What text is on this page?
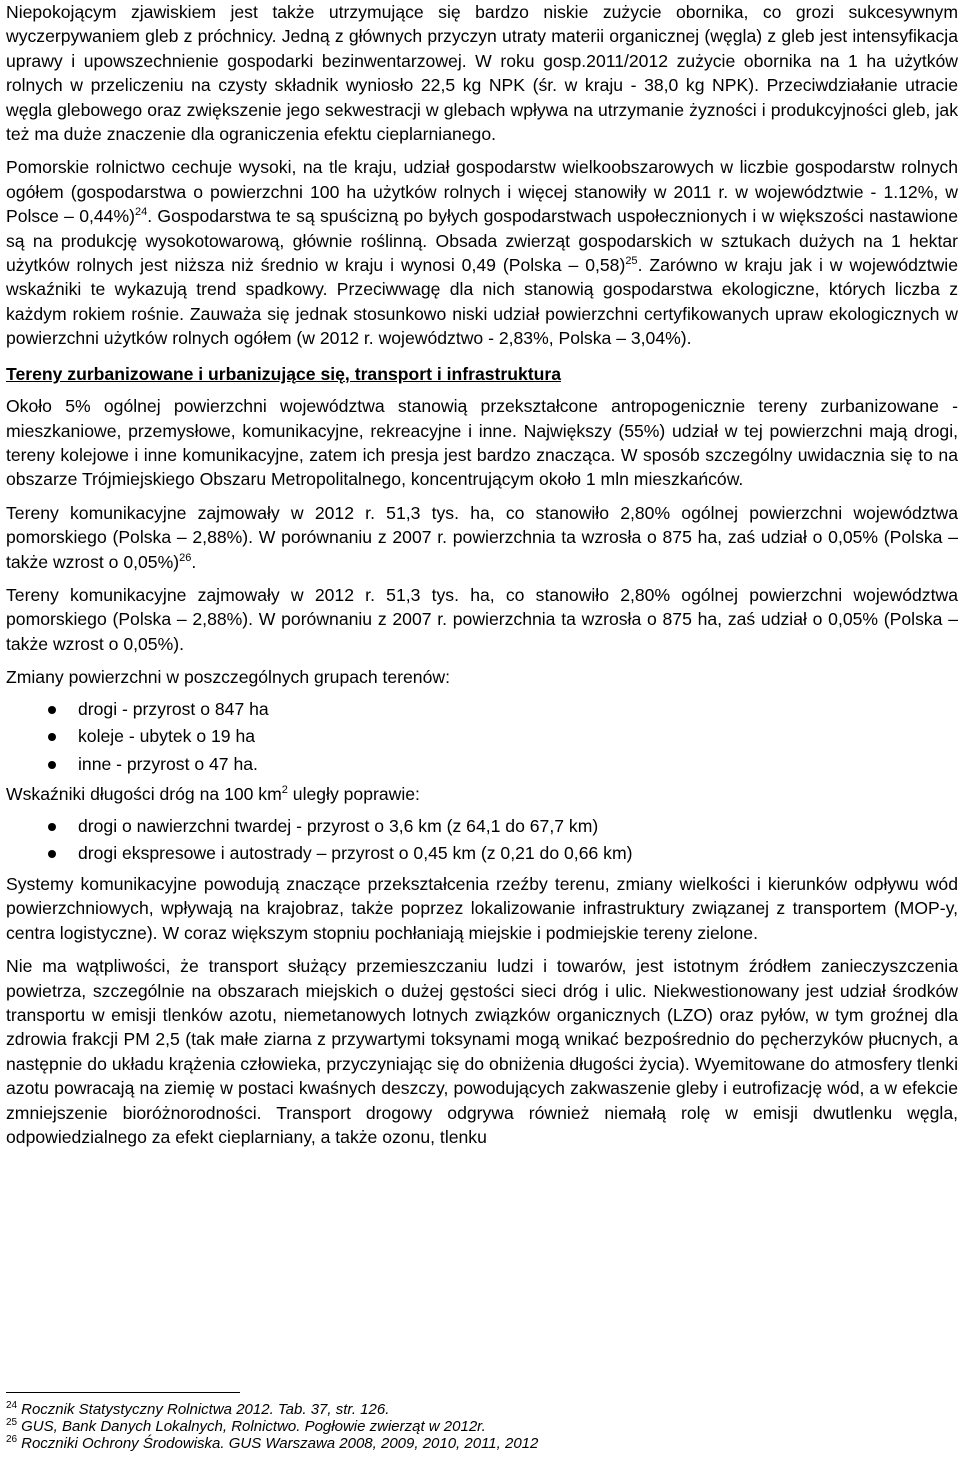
Niepokojącym zjawiskiem jest także utrzymujące się bardzo niskie zużycie obornika, co grozi sukcesywnym wyczerpywaniem gleb z próchnicy. Jedną z głównych przyczyn utraty materii organicznej (węgla) z gleb jest intensyfikacja uprawy i upowszechnienie gospodarki bezinwentarzowej. W roku gosp.2011/2012 zużycie obornika na 1 ha użytków rolnych w przeliczeniu na czysty składnik wyniosło 22,5 kg NPK (śr. w kraju - 38,0 kg NPK). Przeciwdziałanie utracie węgla glebowego oraz zwiększenie jego sekwestracji w glebach wpływa na utrzymanie żyzności i produkcyjności gleb, jak też ma duże znaczenie dla ograniczenia efektu cieplarnianego.

Pomorskie rolnictwo cechuje wysoki, na tle kraju, udział gospodarstw wielkoobszarowych w liczbie gospodarstw rolnych ogółem (gospodarstwa o powierzchni 100 ha użytków rolnych i więcej stanowiły w 2011 r. w województwie - 1.12%, w Polsce – 0,44%)$^{24}$. Gospodarstwa te są spuścizną po byłych gospodarstwach uspołecznionych i w większości nastawione są na produkcję wysokotowarową, głównie roślinną. Obsada zwierząt gospodarskich w sztukach dużych na 1 hektar użytków rolnych jest niższa niż średnio w kraju i wynosi 0,49 (Polska – 0,58)$^{25}$. Zarówno w kraju jak i w województwie wskaźniki te wykazują trend spadkowy. Przeciwwagę dla nich stanowią gospodarstwa ekologiczne, których liczba z każdym rokiem rośnie. Zauważa się jednak stosunkowo niski udział powierzchni certyfikowanych upraw ekologicznych w powierzchni użytków rolnych ogółem (w 2012 r. województwo - 2,83%, Polska – 3,04%).

Tereny zurbanizowane i urbanizujące się, transport i infrastruktura

Około 5% ogólnej powierzchni województwa stanowią przekształcone antropogenicznie tereny zurbanizowane - mieszkaniowe, przemysłowe, komunikacyjne, rekreacyjne i inne. Największy (55%) udział w tej powierzchni mają drogi, tereny kolejowe i inne komunikacyjne, zatem ich presja jest bardzo znacząca. W sposób szczególny uwidacznia się to na obszarze Trójmiejskiego Obszaru Metropolitalnego, koncentrującym około 1 mln mieszkańców.

Tereny komunikacyjne zajmowały w 2012 r. 51,3 tys. ha, co stanowiło 2,80% ogólnej powierzchni województwa pomorskiego (Polska – 2,88%). W porównaniu z 2007 r. powierzchnia ta wzrosła o 875 ha, zaś udział o 0,05% (Polska – także wzrost o 0,05%)$^{26}$.

Tereny komunikacyjne zajmowały w 2012 r. 51,3 tys. ha, co stanowiło 2,80% ogólnej powierzchni województwa pomorskiego (Polska – 2,88%). W porównaniu z 2007 r. powierzchnia ta wzrosła o 875 ha, zaś udział o 0,05% (Polska – także wzrost o 0,05%).

Zmiany powierzchni w poszczególnych grupach terenów:

drogi - przyrost o 847 ha
koleje - ubytek o 19 ha
inne - przyrost o 47 ha.

Wskaźniki długości dróg na 100 $km^2$ uległy poprawie:

drogi o nawierzchni twardej - przyrost o 3,6 km (z 64,1 do 67,7 km)
drogi ekspresowe i autostrady – przyrost o 0,45 km (z 0,21 do 0,66 km)

Systemy komunikacyjne powodują znaczące przekształcenia rzeźby terenu, zmiany wielkości i kierunków odpływu wód powierzchniowych, wpływają na krajobraz, także poprzez lokalizowanie infrastruktury związanej z transportem (MOP-y, centra logistyczne). W coraz większym stopniu pochłaniają miejskie i podmiejskie tereny zielone.

Nie ma wątpliwości, że transport służący przemieszczaniu ludzi i towarów, jest istotnym źródłem zanieczyszczenia powietrza, szczególnie na obszarach miejskich o dużej gęstości sieci dróg i ulic. Niekwestionowany jest udział środków transportu w emisji tlenków azotu, niemetanowych lotnych związków organicznych (LZO) oraz pyłów, w tym groźnej dla zdrowia frakcji PM 2,5 (tak małe ziarna z przywartymi toksynami mogą wnikać bezpośrednio do pęcherzyków płucnych, a następnie do układu krążenia człowieka, przyczyniając się do obniżenia długości życia). Wyemitowane do atmosfery tlenki azotu powracają na ziemię w postaci kwaśnych deszczy, powodujących zakwaszenie gleby i eutrofizację wód, a w efekcie zmniejszenie bioróżnorodności. Transport drogowy odgrywa również niemałą rolę w emisji dwutlenku węgla, odpowiedzialnego za efekt cieplarniany, a także ozonu, tlenku

$^{24}$ Rocznik Statystyczny Rolnictwa 2012. Tab. 37, str. 126.

$^{25}$ GUS, Bank Danych Lokalnych, Rolnictwo. Pogłowie zwierząt w 2012r.

$^{26}$ Roczniki Ochrony Środowiska. GUS Warszawa 2008, 2009, 2010, 2011, 2012
